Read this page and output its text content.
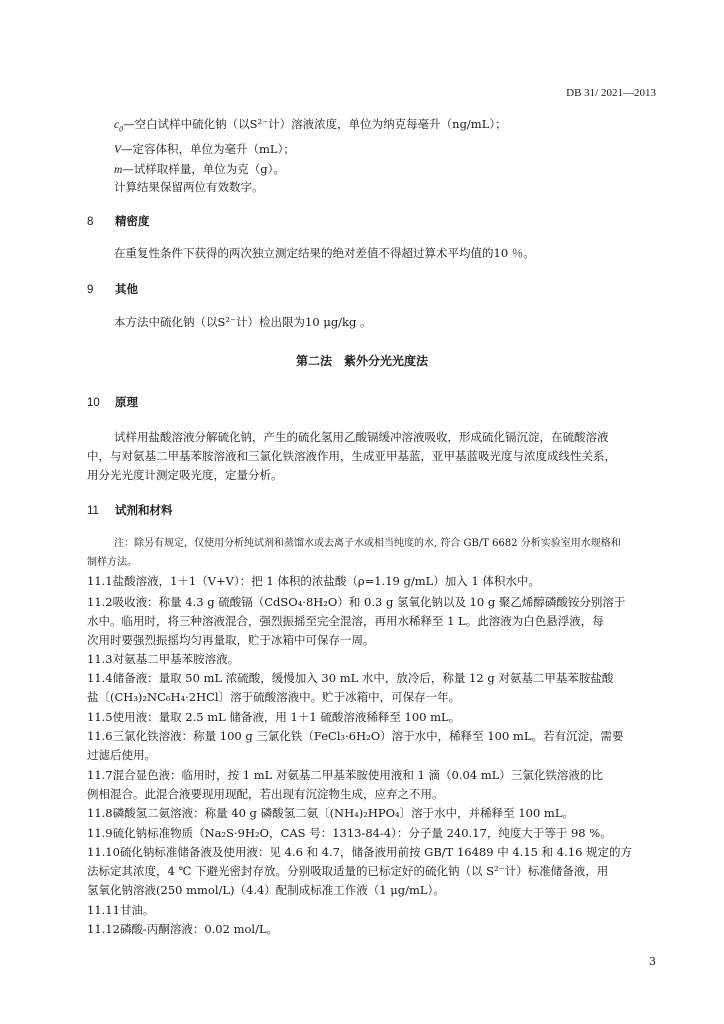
DB 31/ 2021—2013
$c_0—$空白试样中硫化钠（以S²⁻计）溶液浓度，单位为纳克每毫升（ng/mL）；
V—定容体积，单位为毫升（mL）；
m—试样取样量，单位为克（g）。
计算结果保留两位有效数字。
8 精密度
在重复性条件下获得的两次独立测定结果的绝对差值不得超过算术平均值的10 ％。
9 其他
本方法中硫化钠（以S²⁻计）检出限为10 μg/kg 。
第二法　紫外分光光度法
10 原理
试样用盐酸溶液分解硫化钠，产生的硫化氢用乙酸镉缓冲溶液吸收，形成硫化镉沉淀，在硫酸溶液
中，与对氨基二甲基苯胺溶液和三氯化铁溶液作用，生成亚甲基蓝，亚甲基蓝吸光度与浓度成线性关系，
用分光光度计测定吸光度，定量分析。
11 试剂和材料
注：除另有规定，仅使用分析纯试剂和蒸馏水或去离子水或相当纯度的水, 符合 GB/T 6682 分析实验室用水规格和
制样方法。
11.1盐酸溶液，1＋1（V+V）：把 1 体积的浓盐酸（ρ=1.19 g/mL）加入 1 体积水中。
11.2吸收液：称量 4.3 g 硫酸镉（CdSO₄·8H₂O）和 0.3 g 氢氧化钠以及 10 g 聚乙烯醇磷酸铵分别溶于
水中。临用时，将三种溶液混合，强烈振摇至完全混溶，再用水稀释至 1 L。此溶液为白色悬浮液，每
次用时要强烈振摇均匀再量取，贮于冰箱中可保存一周。
11.3对氨基二甲基苯胺溶液。
11.4储备液：量取 50 mL 浓硫酸，缓慢加入 30 mL 水中，放冷后，称量 12 g 对氨基二甲基苯胺盐酸
盐〔(CH₃)₂NC₆H₄·2HCl〕溶于硫酸溶液中。贮于冰箱中，可保存一年。
11.5使用液：量取 2.5 mL 储备液，用 1＋1 硫酸溶液稀释至 100 mL。
11.6三氯化铁溶液：称量 100 g 三氯化铁（FeCl₃·6H₂O）溶于水中，稀释至 100 mL。若有沉淀，需要
过滤后使用。
11.7混合显色液：临用时，按 1 mL 对氨基二甲基苯胺使用液和 1 滴（0.04 mL）三氯化铁溶液的比
例相混合。此混合液要现用现配，若出现有沉淀物生成，应弃之不用。
11.8磷酸氢二氨溶液：称量 40 g 磷酸氢二氨〔(NH₄)₂HPO₄〕溶于水中，并稀释至 100 mL。
11.9硫化钠标准物质（Na₂S·9H₂O，CAS 号：1313-84-4）：分子量 240.17，纯度大于等于 98 %。
11.10硫化钠标准储备液及使用液：见 4.6 和 4.7，储备液用前按 GB/T 16489 中 4.15 和 4.16 规定的方
法标定其浓度，4 ℃ 下避光密封存放。分别吸取适量的已标定好的硫化钠（以 S²⁻计）标准储备液，用
氢氧化钠溶液(250 mmol/L)（4.4）配制成标准工作液（1 μg/mL）。
11.11甘油。
11.12磷酸-丙酮溶液：0.02 mol/L。
3
